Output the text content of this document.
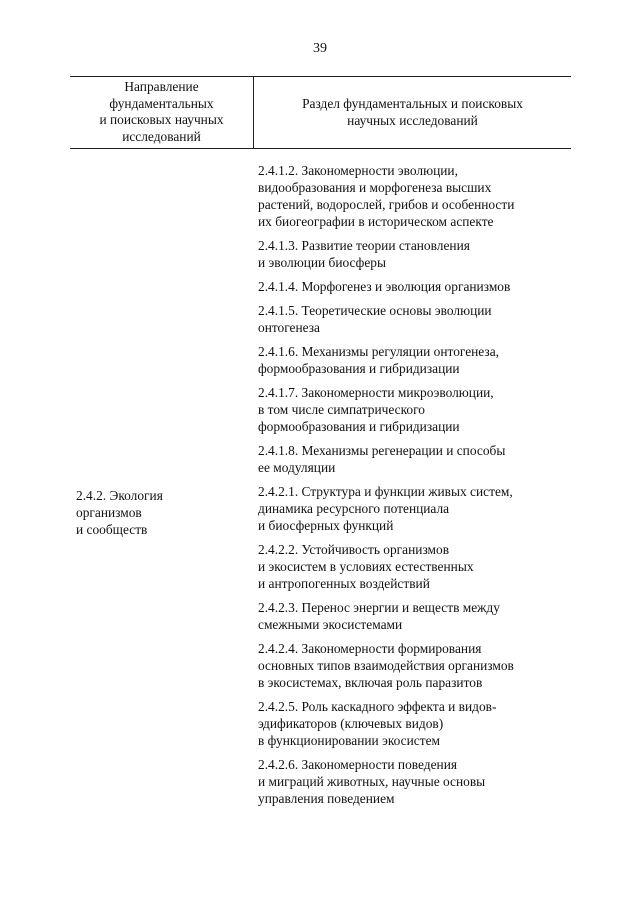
39
Направление
фундаментальных
и поисковых научных
исследований
Раздел фундаментальных и поисковых
научных исследований
2.4.2. Экология
организмов
и сообществ
2.4.1.2. Закономерности эволюции,
видообразования и морфогенеза высших
растений, водорослей, грибов и особенности
их биогеографии в историческом аспекте
2.4.1.3. Развитие теории становления
и эволюции биосферы
2.4.1.4. Морфогенез и эволюция организмов
2.4.1.5. Теоретические основы эволюции
онтогенеза
2.4.1.6. Механизмы регуляции онтогенеза,
формообразования и гибридизации
2.4.1.7. Закономерности микроэволюции,
в том числе симпатрического
формообразования и гибридизации
2.4.1.8. Механизмы регенерации и способы
ее модуляции
2.4.2.1. Структура и функции живых систем,
динамика ресурсного потенциала
и биосферных функций
2.4.2.2. Устойчивость организмов
и экосистем в условиях естественных
и антропогенных воздействий
2.4.2.3. Перенос энергии и веществ между
смежными экосистемами
2.4.2.4. Закономерности формирования
основных типов взаимодействия организмов
в экосистемах, включая роль паразитов
2.4.2.5. Роль каскадного эффекта и видов-
эдификаторов (ключевых видов)
в функционировании экосистем
2.4.2.6. Закономерности поведения
и миграций животных, научные основы
управления поведением
